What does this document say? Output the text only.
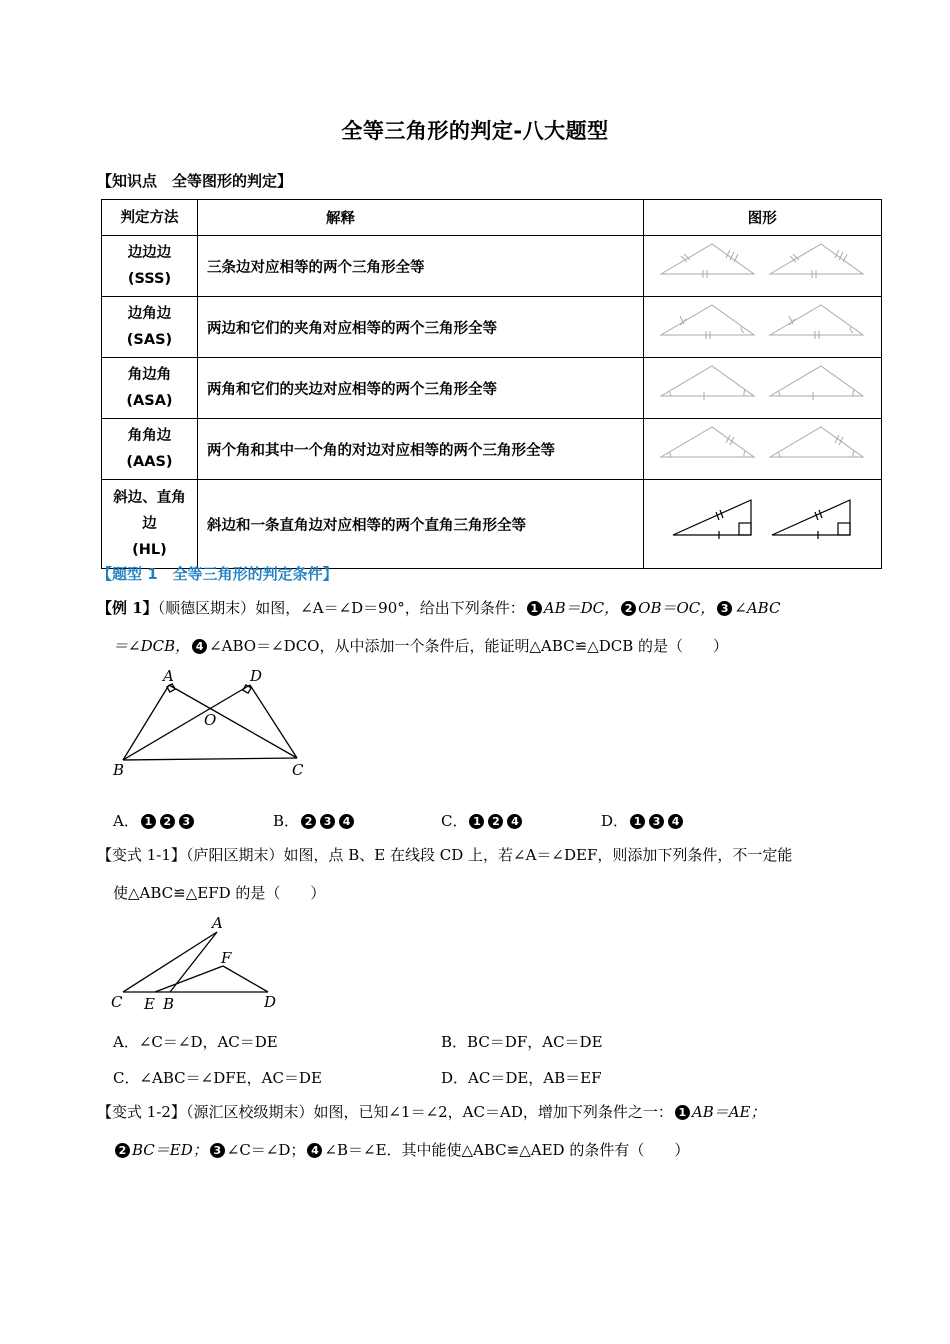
全等三角形的判定-八大题型
【知识点　全等图形的判定】
判定方法	解释	图形

边边边
(SSS)	三条边对应相等的两个三角形全等	

边角边
(SAS)	两边和它们的夹角对应相等的两个三角形全等	

角边角
(ASA)	两角和它们的夹边对应相等的两个三角形全等	

角角边
(AAS)	两个角和其中一个角的对边对应相等的两个三角形全等	

斜边、直角
边
(HL)	斜边和一条直角边对应相等的两个直角三角形全等	
【题型 1　全等三角形的判定条件】
【例 1】（顺德区期末）如图，∠A＝∠D＝90°，给出下列条件： 1 AB＝DC， 2 OB＝OC， 3 ∠ABC
＝∠DCB， 4 ∠ABO＝∠DCO，从中添加一个条件后，能证明△ABC≌△DCB 的是（　　）
A	D
O
B	C
A． 1 2 3	B． 2 3 4	C． 1 2 4	D． 1 3 4
【变式 1-1】（庐阳区期末）如图，点 B、E 在线段 CD 上，若∠A＝∠DEF，则添加下列条件，不一定能
使△ABC≌△EFD 的是（　　）
A
F
C E B	D
A．∠C＝∠D，AC＝DE	B．BC＝DF，AC＝DE
C．∠ABC＝∠DFE，AC＝DE	D．AC＝DE，AB＝EF
【变式 1-2】（源汇区校级期末）如图，已知∠1＝∠2，AC＝AD，增加下列条件之一： 1 AB＝AE；
2 BC＝ED； 3 ∠C＝∠D； 4 ∠B＝∠E．其中能使△ABC≌△AED 的条件有（　　）
